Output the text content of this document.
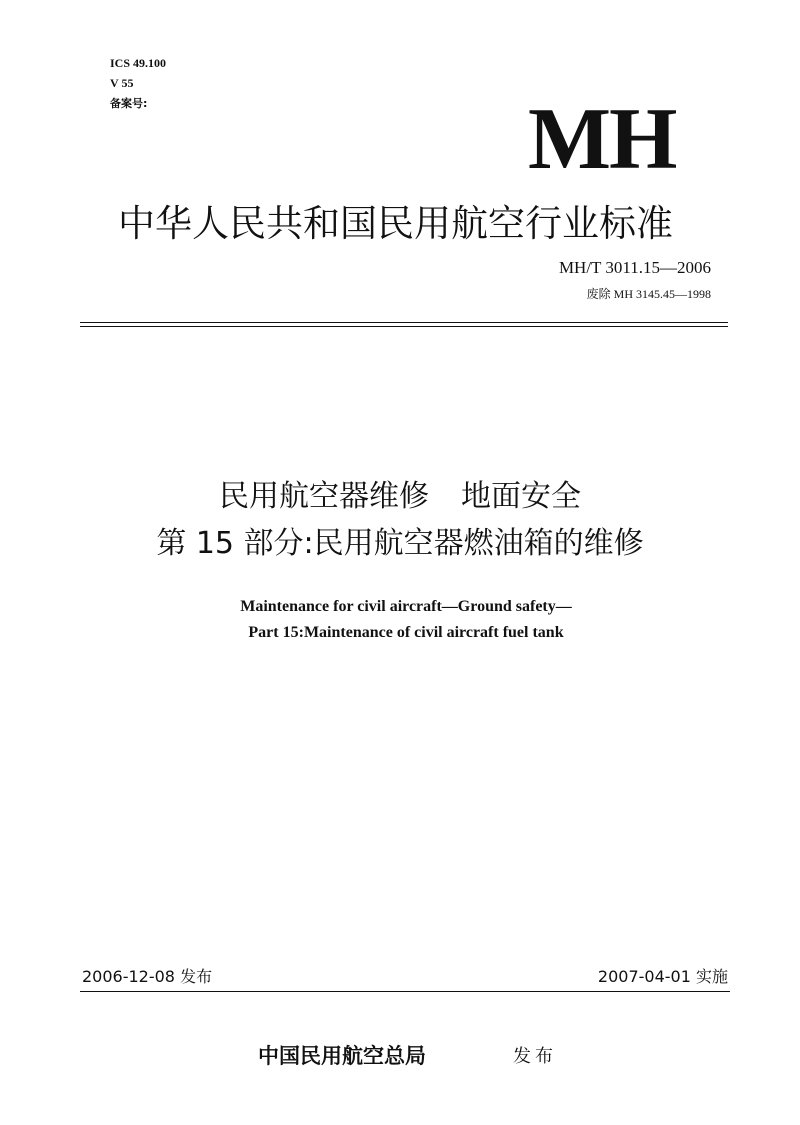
ICS 49.100
V 55
备案号:	MH
中华人民共和国民用航空行业标准
MH/T 3011.15—2006
废除 MH 3145.45—1998
民用航空器维修 地面安全
第 15 部分:民用航空器燃油箱的维修
Maintenance for civil aircraft—Ground safety—
Part 15:Maintenance of civil aircraft fuel tank
2006-12-08 发布	2007-04-01 实施
中国民用航空总局	发布
